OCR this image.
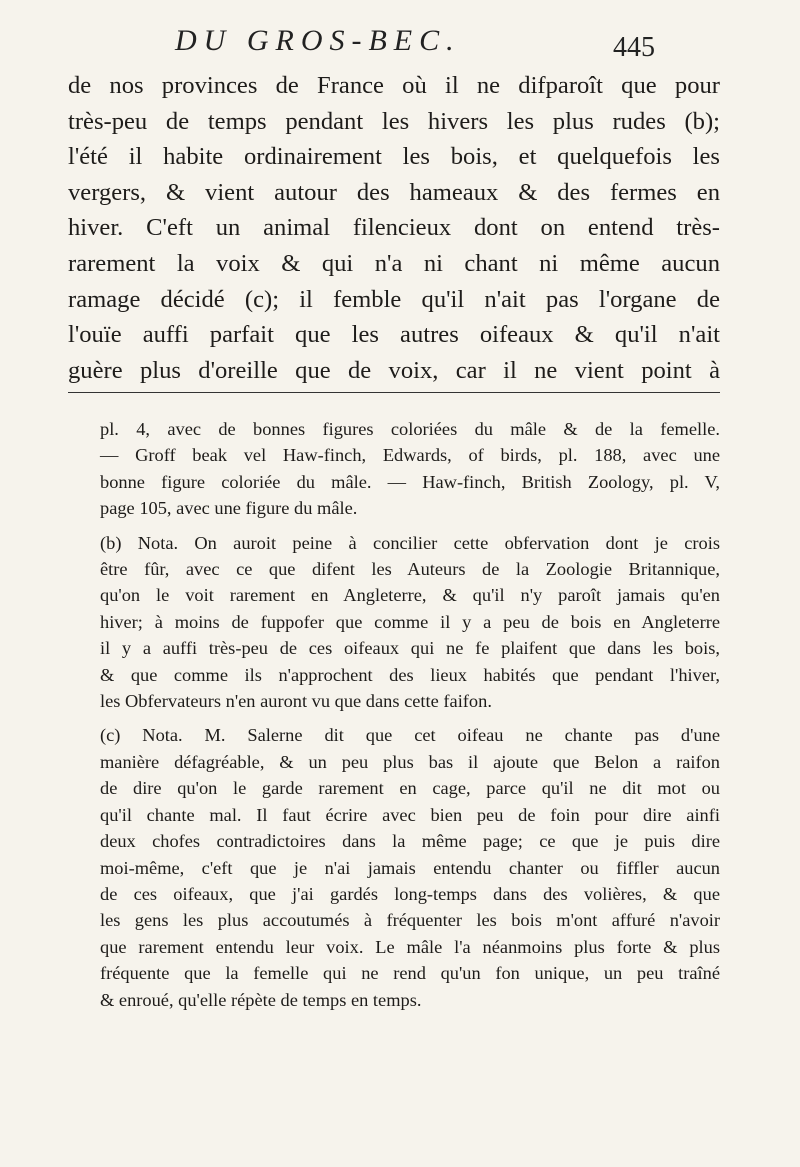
DU GROS-BEC.	445
de nos provinces de France où il ne difparoît que pour
très-peu de temps pendant les hivers les plus rudes (b);
l'été il habite ordinairement les bois, et quelquefois les
vergers, & vient autour des hameaux & des fermes en
hiver. C'eft un animal filencieux dont on entend très-
rarement la voix & qui n'a ni chant ni même aucun
ramage décidé (c); il femble qu'il n'ait pas l'organe de
l'ouïe auffi parfait que les autres oifeaux & qu'il n'ait
guère plus d'oreille que de voix, car il ne vient point à
pl. 4, avec de bonnes figures coloriées du mâle & de la femelle.
— Groff beak vel Haw-finch, Edwards, of birds, pl. 188, avec une
bonne figure coloriée du mâle. — Haw-finch, British Zoology, pl. V,
page 105, avec une figure du mâle.
(b) Nota. On auroit peine à concilier cette obfervation dont je crois
être fûr, avec ce que difent les Auteurs de la Zoologie Britannique,
qu'on le voit rarement en Angleterre, & qu'il n'y paroît jamais qu'en
hiver; à moins de fuppofer que comme il y a peu de bois en Angleterre
il y a auffi très-peu de ces oifeaux qui ne fe plaifent que dans les bois,
& que comme ils n'approchent des lieux habités que pendant l'hiver,
les Obfervateurs n'en auront vu que dans cette faifon.
(c) Nota. M. Salerne dit que cet oifeau ne chante pas d'une
manière défagréable, & un peu plus bas il ajoute que Belon a raifon
de dire qu'on le garde rarement en cage, parce qu'il ne dit mot ou
qu'il chante mal. Il faut écrire avec bien peu de foin pour dire ainfi
deux chofes contradictoires dans la même page; ce que je puis dire
moi-même, c'eft que je n'ai jamais entendu chanter ou fiffler aucun
de ces oifeaux, que j'ai gardés long-temps dans des volières, & que
les gens les plus accoutumés à fréquenter les bois m'ont affuré n'avoir
que rarement entendu leur voix. Le mâle l'a néanmoins plus forte & plus
fréquente que la femelle qui ne rend qu'un fon unique, un peu traîné
& enroué, qu'elle répète de temps en temps.
